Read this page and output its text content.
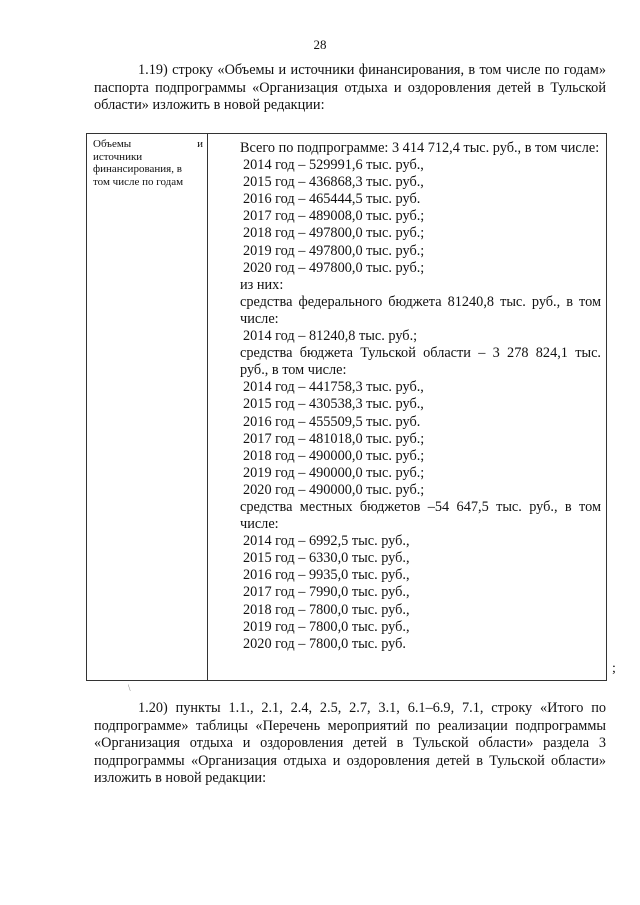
28
1.19) строку «Объемы и источники финансирования, в том числе по годам» паспорта подпрограммы «Организация отдыха и оздоровления детей в Тульской области» изложить в новой редакции:
Объемы	и
источники
финансирования, в
том числе по годам
Всего по подпрограмме: 3 414 712,4 тыс. руб., в том числе:
2014 год – 529991,6 тыс. руб.,
2015 год – 436868,3 тыс. руб.,
2016 год – 465444,5 тыс. руб.
2017 год – 489008,0 тыс. руб.;
2018 год – 497800,0 тыс. руб.;
2019 год – 497800,0 тыс. руб.;
2020 год – 497800,0 тыс. руб.;
из них:
средства федерального бюджета 81240,8 тыс. руб., в том числе:
2014 год – 81240,8 тыс. руб.;
средства бюджета Тульской области – 3 278 824,1 тыс. руб., в том числе:
2014 год – 441758,3 тыс. руб.,
2015 год – 430538,3 тыс. руб.,
2016 год – 455509,5 тыс. руб.
2017 год – 481018,0 тыс. руб.;
2018 год – 490000,0 тыс. руб.;
2019 год – 490000,0 тыс. руб.;
2020 год – 490000,0 тыс. руб.;
средства местных бюджетов –54 647,5 тыс. руб., в том числе:
2014 год – 6992,5 тыс. руб.,
2015 год – 6330,0 тыс. руб.,
2016 год – 9935,0 тыс. руб.,
2017 год – 7990,0 тыс. руб.,
2018 год – 7800,0 тыс. руб.,
2019 год – 7800,0 тыс. руб.,
2020 год – 7800,0 тыс. руб.
;
\
1.20) пункты 1.1., 2.1, 2.4, 2.5, 2.7, 3.1, 6.1–6.9, 7.1, строку «Итого по подпрограмме» таблицы «Перечень мероприятий по реализации подпрограммы «Организация отдыха и оздоровления детей в Тульской области» раздела 3 подпрограммы «Организация отдыха и оздоровления детей в Тульской области» изложить в новой редакции:
